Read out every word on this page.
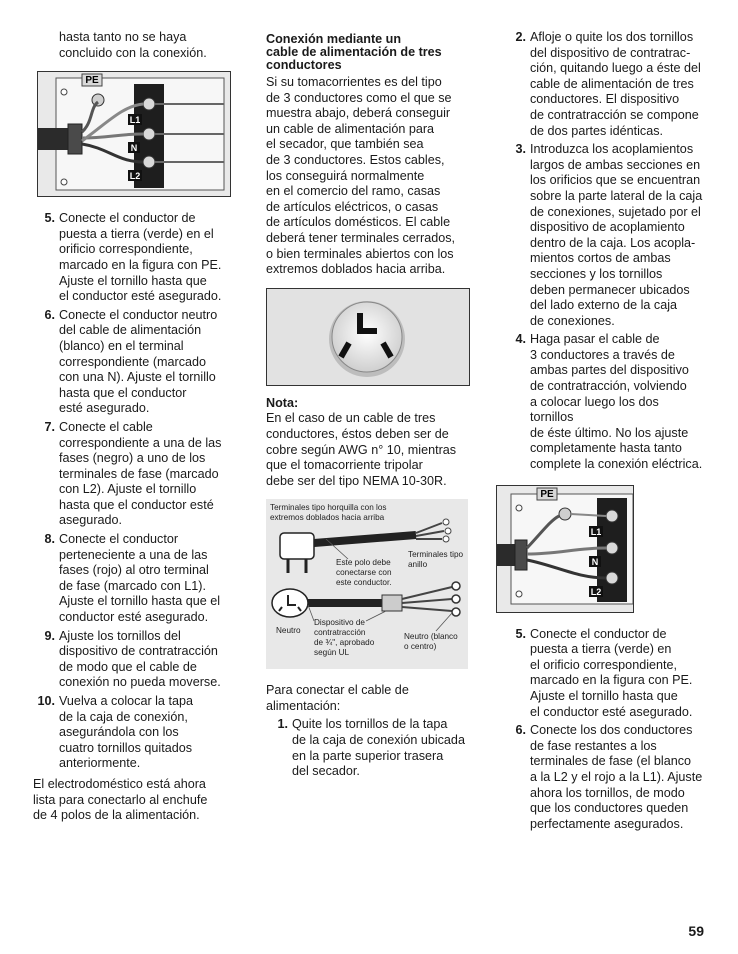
hasta tanto no se haya

concluido con la conexión.

PE
L1
N
L2
5. Conecte el conductor de

puesta a tierra (verde) en el

orificio correspondiente,

marcado en la figura con PE.

Ajuste el tornillo hasta que

el conductor esté asegurado.

6. Conecte el conductor neutro

del cable de alimentación

(blanco) en el terminal

correspondiente (marcado

con una N). Ajuste el tornillo

hasta que el conductor

esté asegurado.

7. Conecte el cable

correspondiente a una de las

fases (negro) a uno de los

terminales de fase (marcado

con L2). Ajuste el tornillo

hasta que el conductor esté

asegurado.

8. Conecte el conductor

perteneciente a una de las

fases (rojo) al otro terminal

de fase (marcado con L1).

Ajuste el tornillo hasta que el

conductor esté asegurado.

9. Ajuste los tornillos del

dispositivo de contratracción

de modo que el cable de

conexión no pueda moverse.

10. Vuelva a colocar la tapa

de la caja de conexión,

asegurándola con los

cuatro tornillos quitados

anteriormente.

El electrodoméstico está ahora

lista para conectarlo al enchufe

de 4 polos de la alimentación.

Conexión mediante un
cable de alimentación de tres
conductores

Si su tomacorrientes es del tipo

de 3 conductores como el que se

muestra abajo, deberá conseguir

un cable de alimentación para

el secador, que también sea

de 3 conductores. Estos cables,

los conseguirá normalmente

en el comercio del ramo, casas

de artículos eléctricos, o casas

de artículos domésticos. El cable

deberá tener terminales cerrados,

o bien terminales abiertos con los

extremos doblados hacia arriba.

Nota:

En el caso de un cable de tres

conductores, éstos deben ser de

cobre según AWG n° 10, mientras

que el tomacorriente tripolar

debe ser del tipo NEMA 10-30R.

Terminales tipo horquilla con los extremos doblados hacia arriba
Este polo debe conectarse con este conductor.
Terminales tipo anillo
Neutro
Dispositivo de contratracción de ¾", aprobado según UL
Neutro (blanco o centro)

Para conectar el cable de

alimentación:

1. Quite los tornillos de la tapa

de la caja de conexión ubicada

en la parte superior trasera

del secador.

2. Afloje o quite los dos tornillos

del dispositivo de contratrac-

ción, quitando luego a éste del

cable de alimentación de tres

conductores. El dispositivo

de contratracción se compone

de dos partes idénticas.

3. Introduzca los acoplamientos

largos de ambas secciones en

los orificios que se encuentran

sobre la parte lateral de la caja

de conexiones, sujetado por el

dispositivo de acoplamiento

dentro de la caja. Los acopla-

mientos cortos de ambas

secciones y los tornillos

deben permanecer ubicados

del lado externo de la caja

de conexiones.

4. Haga pasar el cable de

3 conductores a través de

ambas partes del dispositivo

de contratracción, volviendo

a colocar luego los dos tornillos

de éste último. No los ajuste

completamente hasta tanto

complete la conexión eléctrica.

PE
L1
N
L2
5. Conecte el conductor de

puesta a tierra (verde) en

el orificio correspondiente,

marcado en la figura con PE.

Ajuste el tornillo hasta que

el conductor esté asegurado.

6. Conecte los dos conductores

de fase restantes a los

terminales de fase (el blanco

a la L2 y el rojo a la L1). Ajuste

ahora los tornillos, de modo

que los conductores queden

perfectamente asegurados.

59
